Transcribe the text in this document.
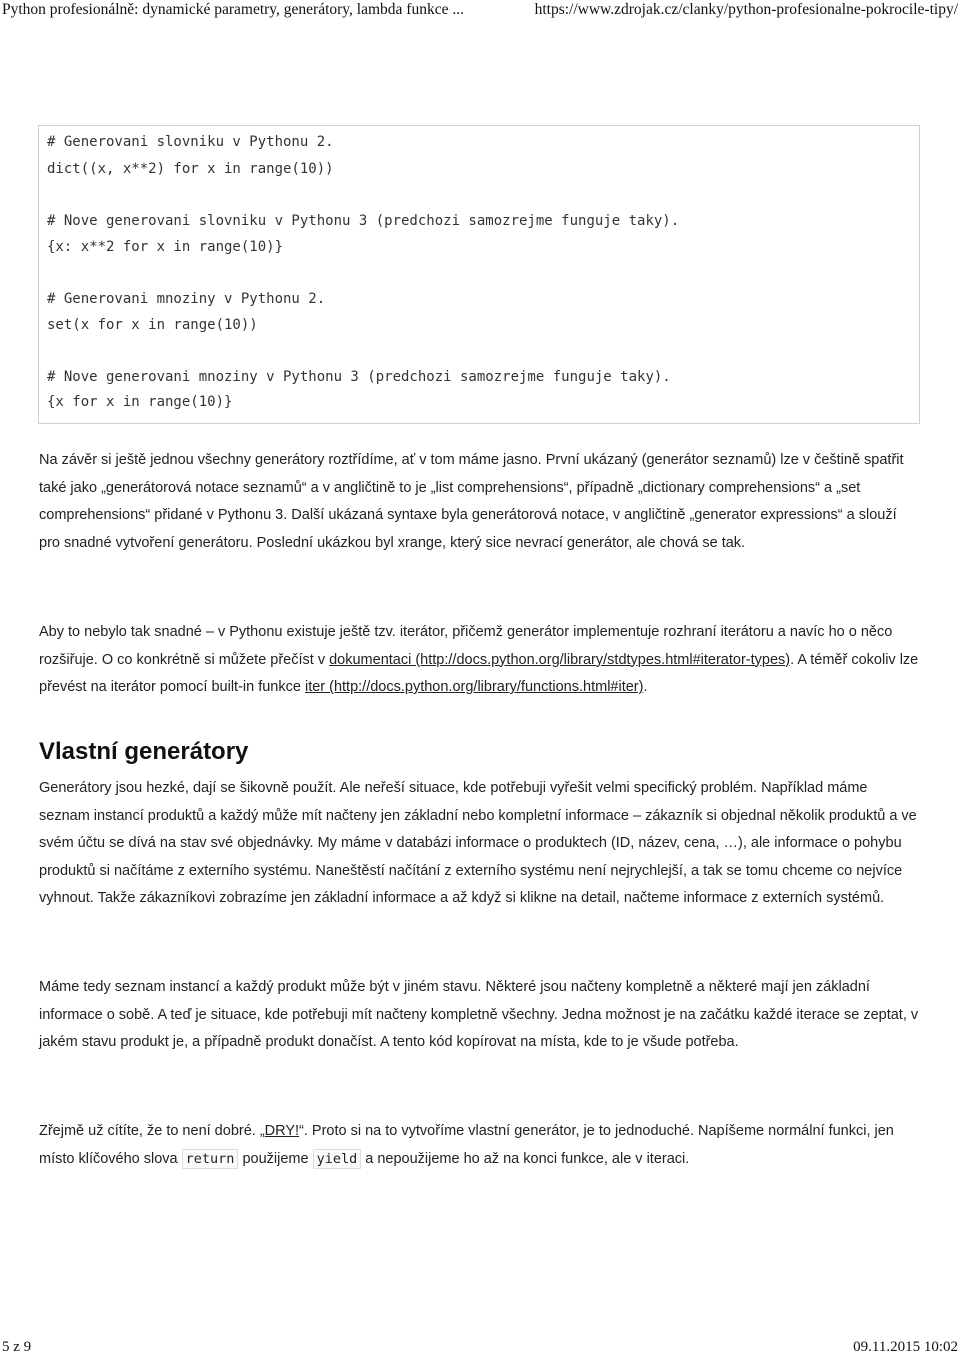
Python profesionálně: dynamické parametry, generátory, lambda funkce ...	https://www.zdrojak.cz/clanky/python-profesionalne-pokrocile-tipy/
# Generovani slovniku v Pythonu 2.
dict((x, x**2) for x in range(10))
# Nove generovani slovniku v Pythonu 3 (predchozi samozrejme funguje taky).
{x: x**2 for x in range(10)}
# Generovani mnoziny v Pythonu 2.
set(x for x in range(10))
# Nove generovani mnoziny v Pythonu 3 (predchozi samozrejme funguje taky).
{x for x in range(10)}

Na závěr si ještě jednou všechny generátory roztřídíme, ať v tom máme jasno. První ukázaný (generátor seznamů) lze v češtině spatřit také jako „generátorová notace seznamů“ a v angličtině to je „list comprehensions“, případně „dictionary comprehensions“ a „set comprehensions“ přidané v Pythonu 3. Další ukázaná syntaxe byla generátorová notace, v angličtině „generator expressions“ a slouží pro snadné vytvoření generátoru. Poslední ukázkou byl xrange, který sice nevrací generátor, ale chová se tak.

Aby to nebylo tak snadné – v Pythonu existuje ještě tzv. iterátor, přičemž generátor implementuje rozhraní iterátoru a navíc ho o něco rozšiřuje. O co konkrétně si můžete přečíst v dokumentaci (http://docs.python.org/library/stdtypes.html#iterator-types). A téměř cokoliv lze převést na iterátor pomocí built-in funkce iter (http://docs.python.org/library/functions.html#iter).

Vlastní generátory

Generátory jsou hezké, dají se šikovně použít. Ale neřeší situace, kde potřebuji vyřešit velmi specifický problém. Například máme seznam instancí produktů a každý může mít načteny jen základní nebo kompletní informace – zákazník si objednal několik produktů a ve svém účtu se dívá na stav své objednávky. My máme v databázi informace o produktech (ID, název, cena, …), ale informace o pohybu produktů si načítáme z externího systému. Naneštěstí načítání z externího systému není nejrychlejší, a tak se tomu chceme co nejvíce vyhnout. Takže zákazníkovi zobrazíme jen základní informace a až když si klikne na detail, načteme informace z externích systémů.

Máme tedy seznam instancí a každý produkt může být v jiném stavu. Některé jsou načteny kompletně a některé mají jen základní informace o sobě. A teď je situace, kde potřebuji mít načteny kompletně všechny. Jedna možnost je na začátku každé iterace se zeptat, v jakém stavu produkt je, a případně produkt donačíst. A tento kód kopírovat na místa, kde to je všude potřeba.

Zřejmě už cítíte, že to není dobré. „DRY!“. Proto si na to vytvoříme vlastní generátor, je to jednoduché. Napíšeme normální funkci, jen místo klíčového slova return použijeme yield a nepoužijeme ho až na konci funkce, ale v iteraci.

5 z 9	09.11.2015 10:02
